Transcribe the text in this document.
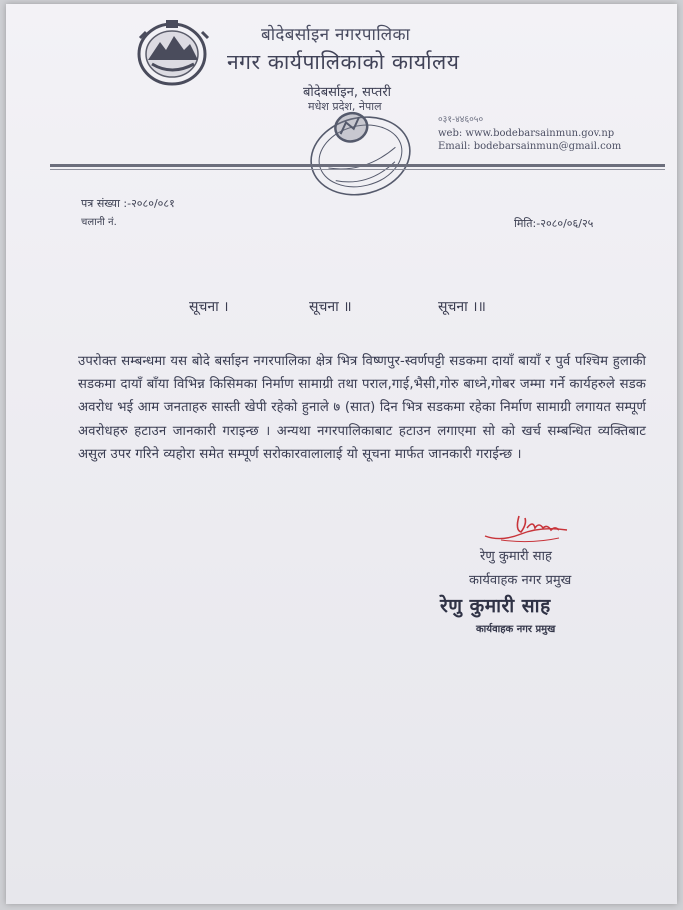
बोदेबर्साइन नगरपालिका
नगर कार्यपालिकाको कार्यालय
बोदेबर्साइन, सप्तरी
मधेश प्रदेश, नेपाल
०३१-४४६०५०
web: www.bodebarsainmun.gov.np
Email: bodebarsainmun@gmail.com
पत्र संख्या :-२०८०/०८१
चलानी नं.	मिति:-२०८०/०६/२५
सूचना ।	सूचना ॥	सूचना ।॥
उपरोक्त सम्बन्धमा यस बोदे बर्साइन नगरपालिका क्षेत्र भित्र विष्णपुर-स्वर्णपट्टी सडकमा दायाँ बायाँ र पुर्व पश्चिम हुलाकी सडकमा दायाँ बाँया विभिन्न किसिमका निर्माण सामाग्री तथा पराल,गाई,भैसी,गोरु बाध्ने,गोबर जम्मा गर्ने कार्यहरुले सडक अवरोध भई आम जनताहरु सास्ती खेपी रहेको हुनाले ७ (सात) दिन भित्र सडकमा रहेका निर्माण सामाग्री लगायत सम्पूर्ण अवरोधहरु हटाउन जानकारी गराइन्छ । अन्यथा नगरपालिकाबाट हटाउन लगाएमा सो को खर्च सम्बन्धित व्यक्तिबाट असुल उपर गरिने व्यहोरा समेत सम्पूर्ण सरोकारवालालाई यो सूचना मार्फत जानकारी गराईन्छ ।
रेणु कुमारी साह
कार्यवाहक नगर प्रमुख
रेणु कुमारी साह
कार्यवाहक नगर प्रमुख
